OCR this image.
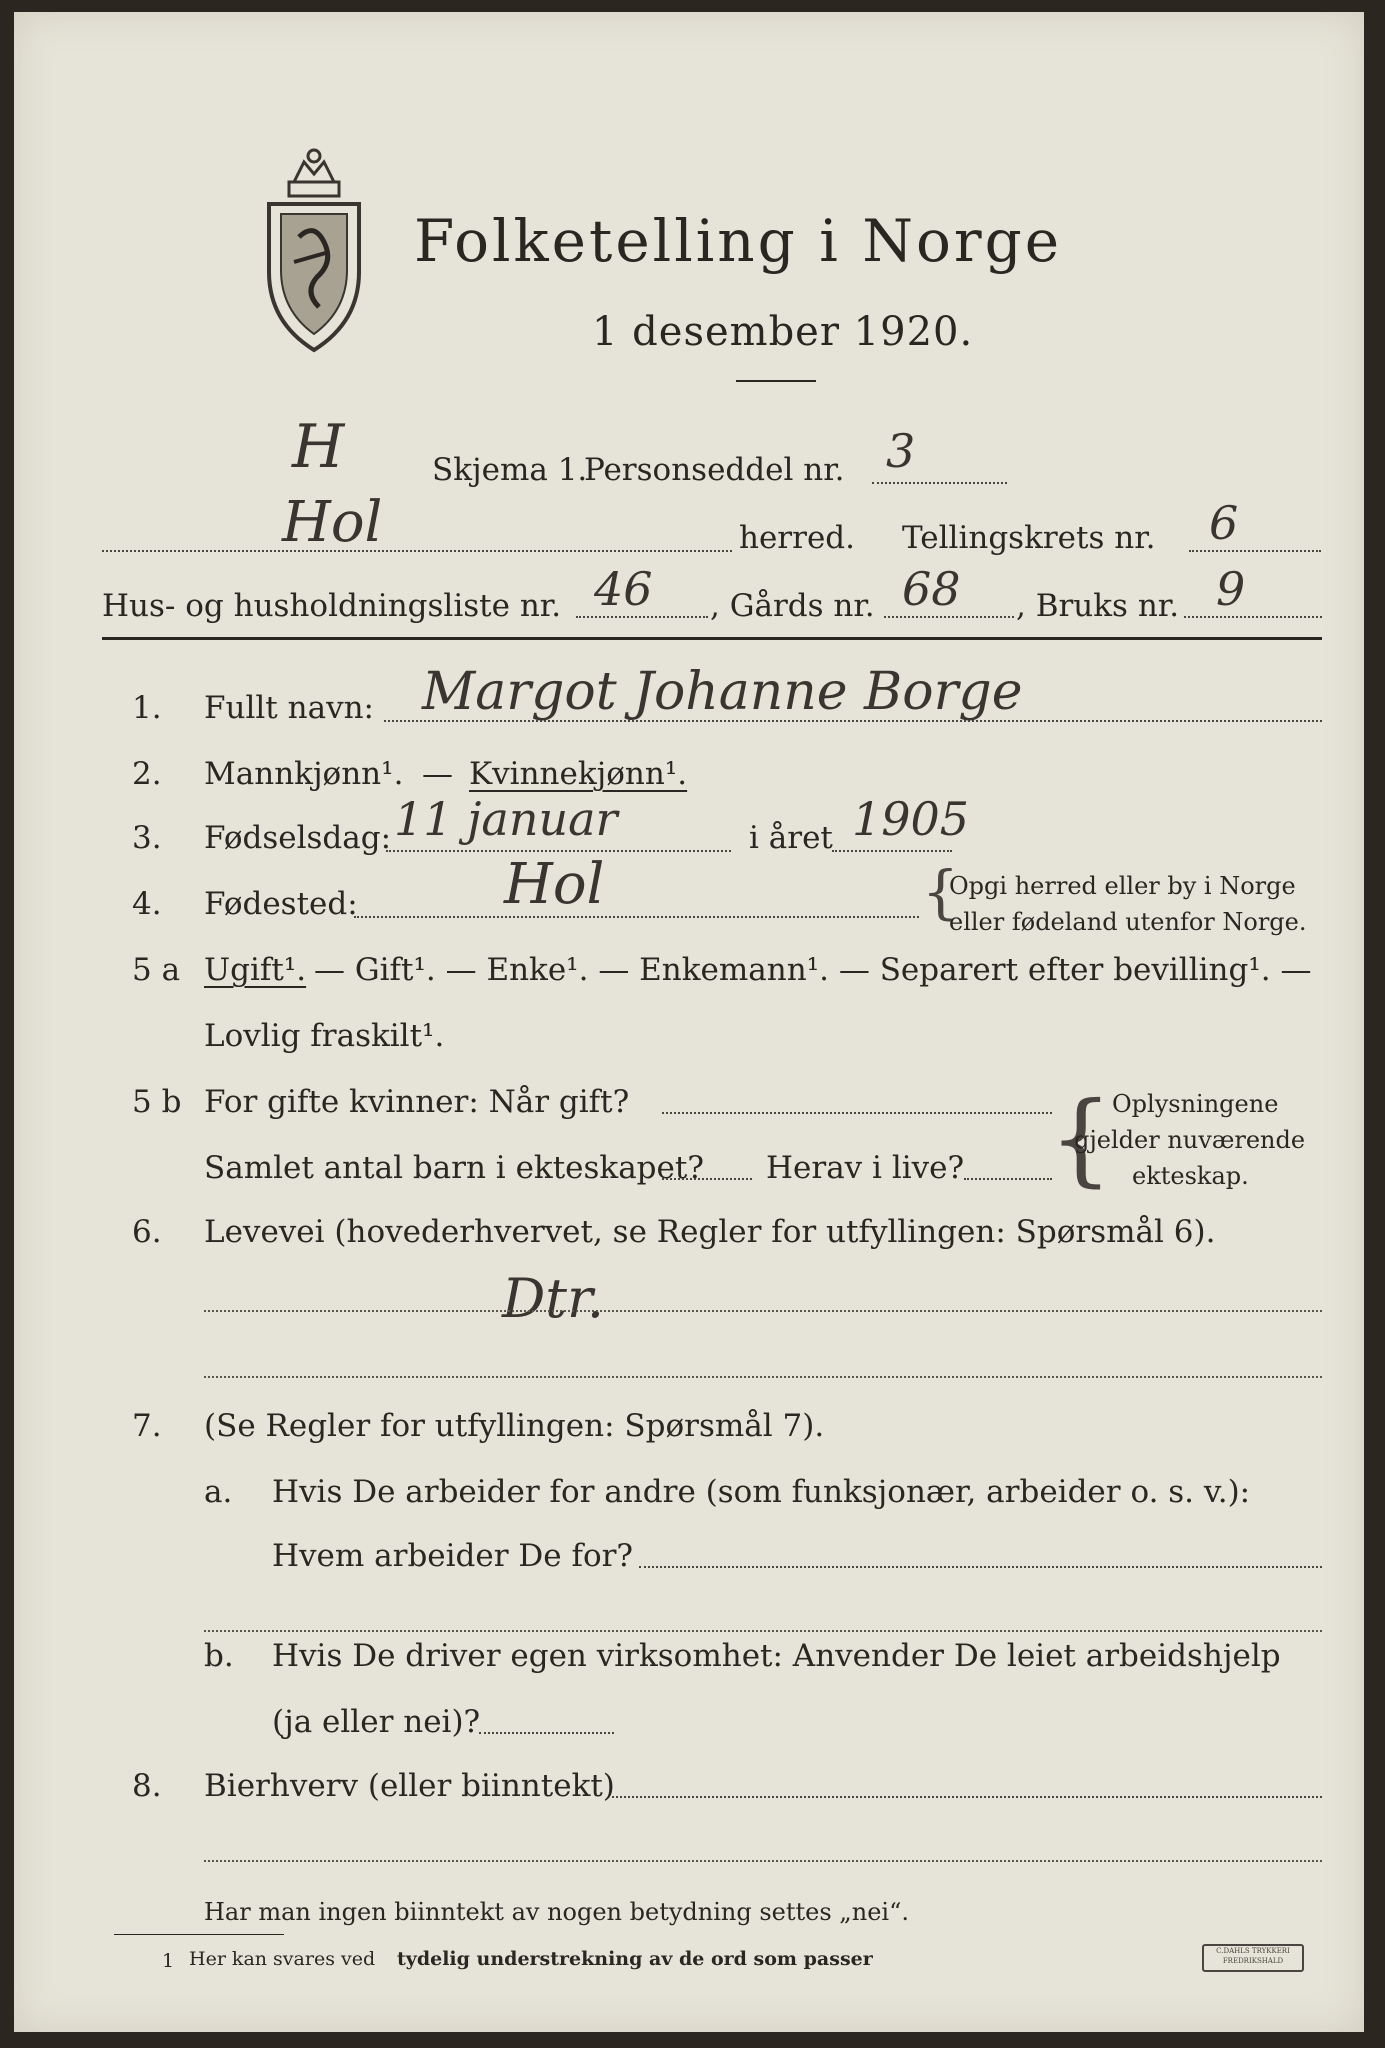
Folketelling i Norge
1 desember 1920.
H	Skjema 1.
Personseddel nr. 3
Hol	herred. Tellingskrets nr. 6
Hus- og husholdningsliste nr. 46 , Gårds nr. 68 , Bruks nr. 9
1. Fullt navn: Margot Johanne Borge
2. Mannkjønn¹. — Kvinnekjønn¹.
3. Fødselsdag: 11 januar	i året 1905
4. Fødested:	Hol	{
Opgi herred eller by i Norge
eller fødeland utenfor Norge.
5 a Ugift¹. — Gift¹. — Enke¹. — Enkemann¹. — Separert efter bevilling¹. —
Lovlig fraskilt¹.
5 b For gifte kvinner: Når gift?
Samlet antal barn i ekteskapet? Herav i live? { Oplysningene
gjelder nuværende
ekteskap.
6. Levevei (hovederhvervet, se Regler for utfyllingen: Spørsmål 6).
Dtr.
7. (Se Regler for utfyllingen: Spørsmål 7).
a. Hvis De arbeider for andre (som funksjonær, arbeider o. s. v.):
Hvem arbeider De for?
b. Hvis De driver egen virksomhet: Anvender De leiet arbeidshjelp
(ja eller nei)?
8. Bierhverv (eller biinntekt)
Har man ingen biinntekt av nogen betydning settes „nei“.
1 Her kan svares ved tydelig understrekning av de ord som passer	C.DAHLS TRYKKERI FREDRIKSHALD
